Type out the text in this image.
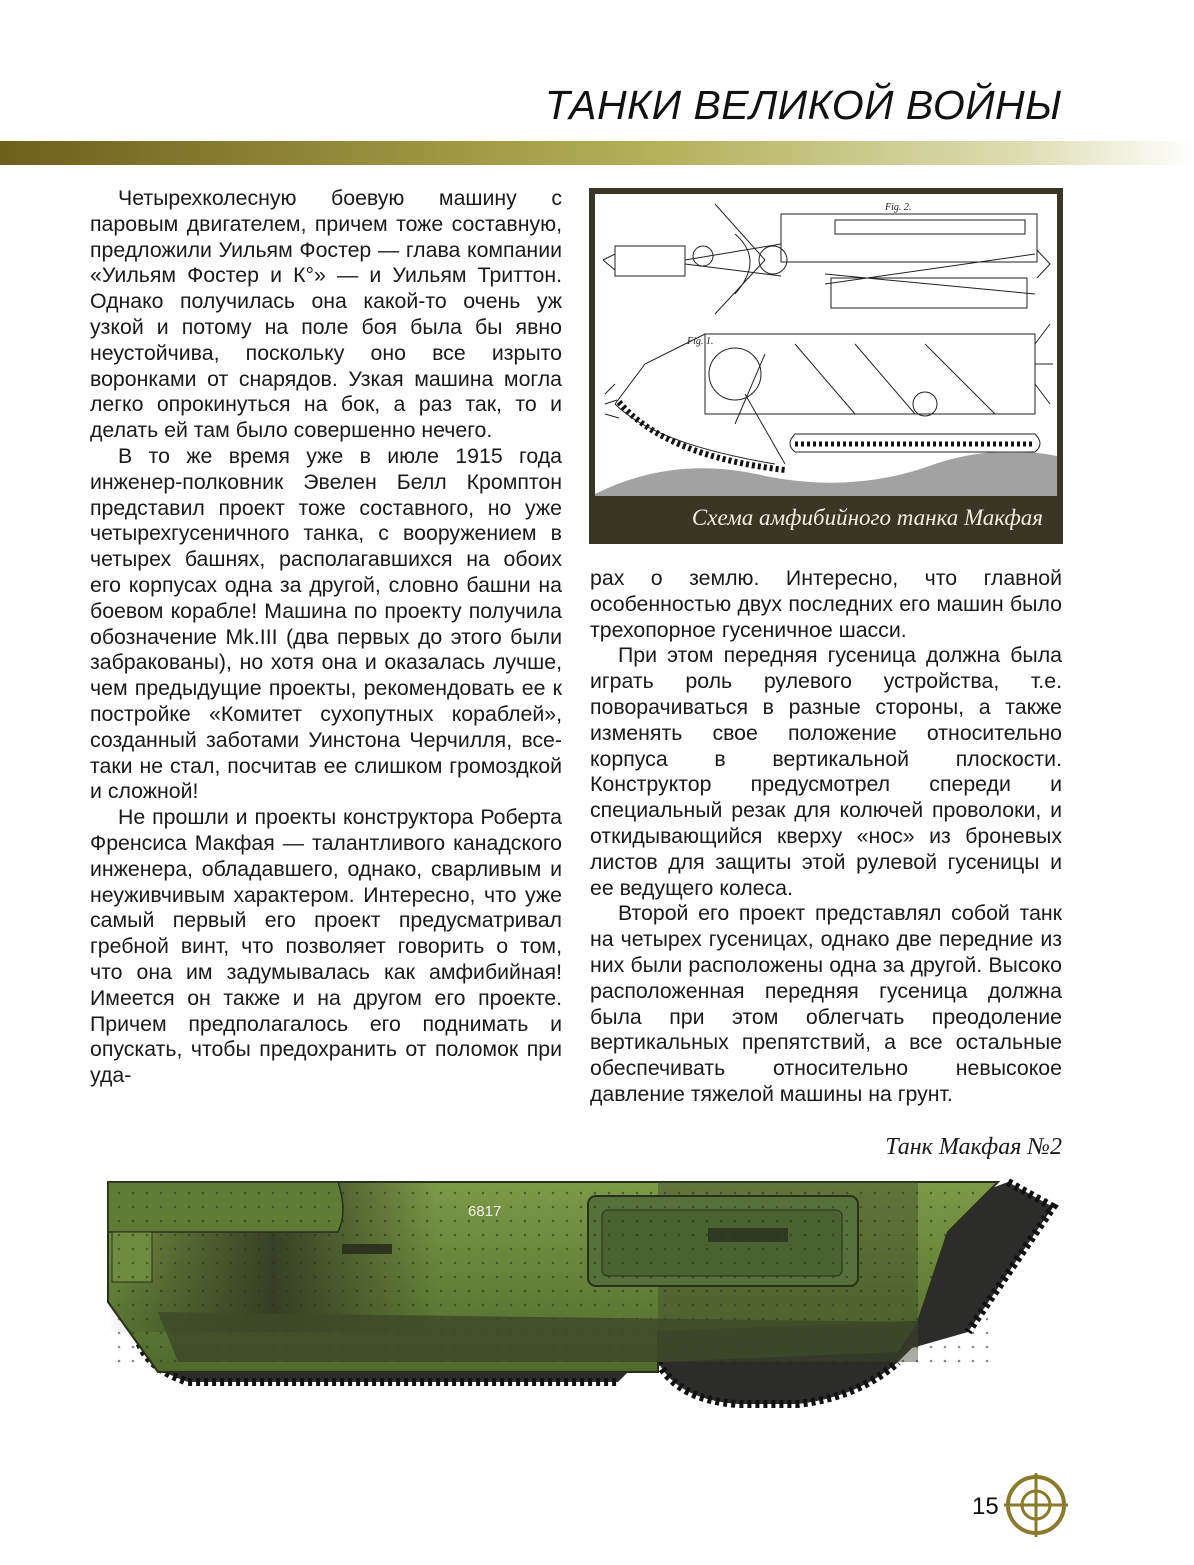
ТАНКИ ВЕЛИКОЙ ВОЙНЫ

Четырехколесную боевую машину с паровым двигателем, причем тоже составную, предложили Уильям Фостер — глава компании «Уильям Фостер и К°» — и Уильям Триттон. Однако получилась она какой-то очень уж узкой и потому на поле боя была бы явно неустойчива, поскольку оно все изрыто воронками от снарядов. Узкая машина могла легко опрокинуться на бок, а раз так, то и делать ей там было совершенно нечего.

В то же время уже в июле 1915 года инженер-полковник Эвелен Белл Кромптон представил проект тоже составного, но уже четырехгусеничного танка, с вооружением в четырех башнях, располагавшихся на обоих его корпусах одна за другой, словно башни на боевом корабле! Машина по проекту получила обозначение Mk.III (два первых до этого были забракованы), но хотя она и оказалась лучше, чем предыдущие проекты, рекомендовать ее к постройке «Комитет сухопутных кораблей», созданный заботами Уинстона Черчилля, все-таки не стал, посчитав ее слишком громоздкой и сложной!

Не прошли и проекты конструктора Роберта Френсиса Макфая — талантливого канадского инженера, обладавшего, однако, сварливым и неуживчивым характером. Интересно, что уже самый первый его проект предусматривал гребной винт, что позволяет говорить о том, что она им задумывалась как амфибийная! Имеется он также и на другом его проекте. Причем предполагалось его поднимать и опускать, чтобы предохранить от поломок при уда-

Fig. 2.
Fig. 1.
Схема амфибийного танка Макфая

рах о землю. Интересно, что главной особенностью двух последних его машин было трехопорное гусеничное шасси.

При этом передняя гусеница должна была играть роль рулевого устройства, т.е. поворачиваться в разные стороны, а также изменять свое положение относительно корпуса в вертикальной плоскости. Конструктор предусмотрел спереди и специальный резак для колючей проволоки, и откидывающийся кверху «нос» из броневых листов для защиты этой рулевой гусеницы и ее ведущего колеса.

Второй его проект представлял собой танк на четырех гусеницах, однако две передние из них были расположены одна за другой. Высоко расположенная передняя гусеница должна была при этом облегчать преодоление вертикальных препятствий, а все остальные обеспечивать относительно невысокое давление тяжелой машины на грунт.

Танк Макфая №2
6817
15
